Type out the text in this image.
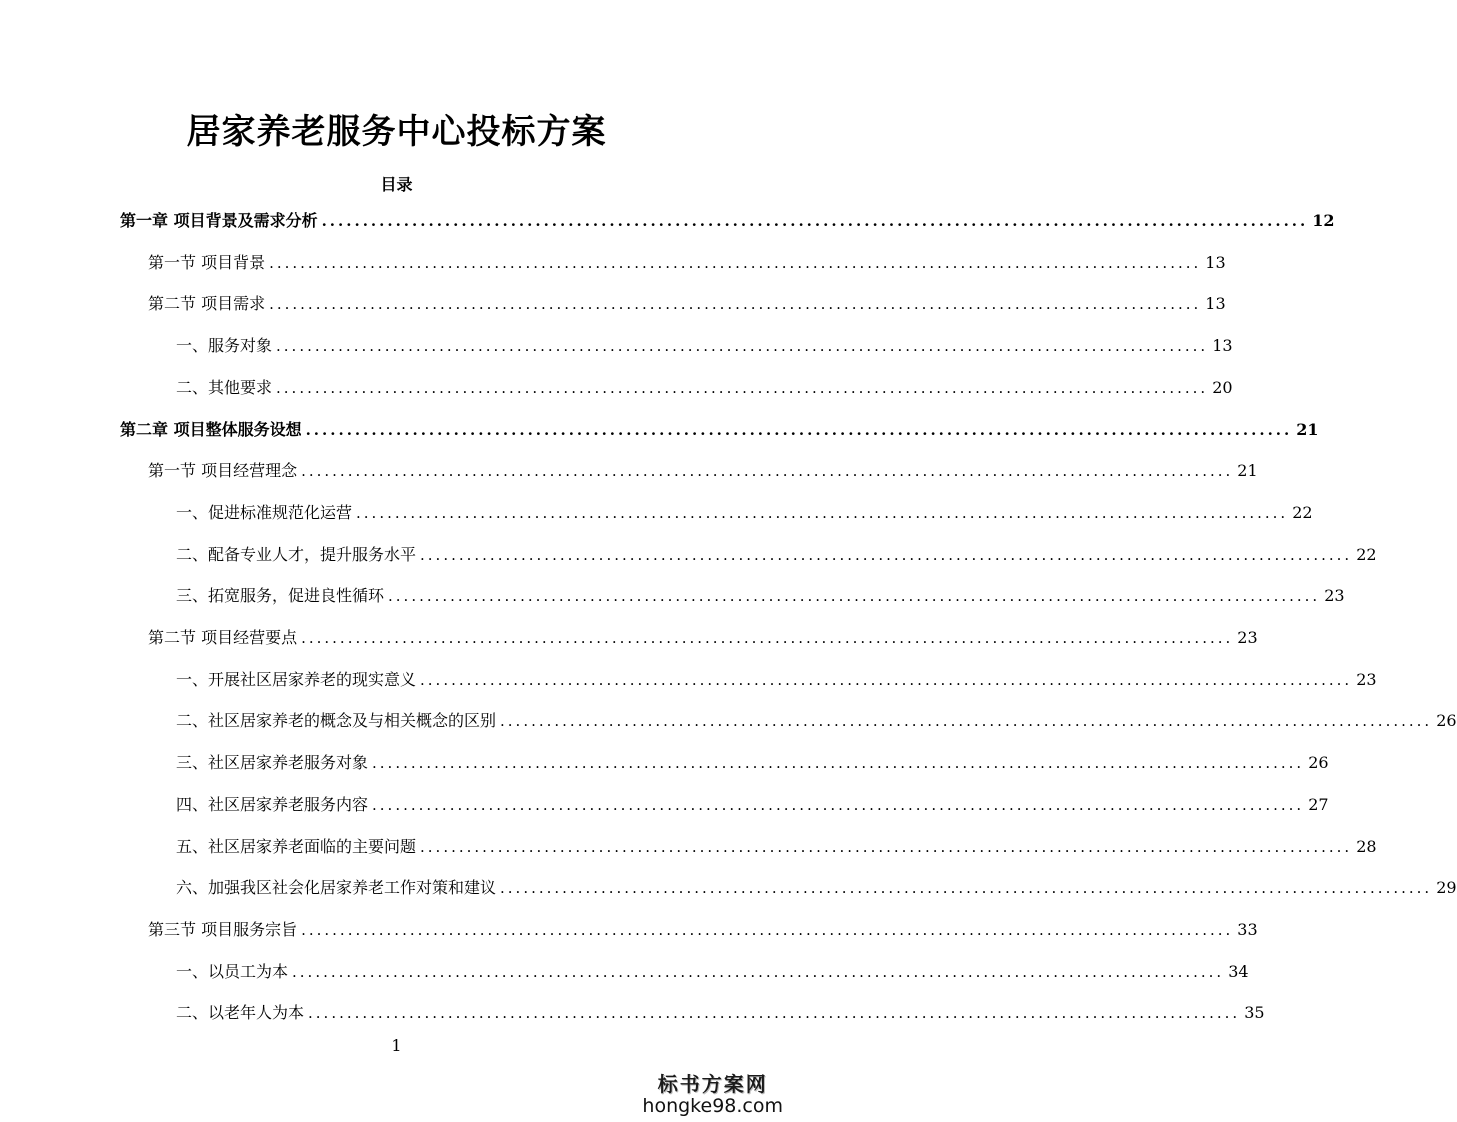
居家养老服务中心投标方案
目录
第一章 项目背景及需求分析 ........................................................................................................................ 12
第一节 项目背景 ........................................................................................................................ 13
第二节 项目需求 ........................................................................................................................ 13
一、服务对象 ........................................................................................................................ 13
二、其他要求 ........................................................................................................................ 20
第二章 项目整体服务设想 ........................................................................................................................ 21
第一节 项目经营理念 ........................................................................................................................ 21
一、促进标准规范化运营 ........................................................................................................................ 22
二、配备专业人才，提升服务水平 ........................................................................................................................ 22
三、拓宽服务，促进良性循环 ........................................................................................................................ 23
第二节 项目经营要点 ........................................................................................................................ 23
一、开展社区居家养老的现实意义 ........................................................................................................................ 23
二、社区居家养老的概念及与相关概念的区别 ........................................................................................................................ 26
三、社区居家养老服务对象 ........................................................................................................................ 26
四、社区居家养老服务内容 ........................................................................................................................ 27
五、社区居家养老面临的主要问题 ........................................................................................................................ 28
六、加强我区社会化居家养老工作对策和建议 ........................................................................................................................ 29
第三节 项目服务宗旨 ........................................................................................................................ 33
一、以员工为本 ........................................................................................................................ 34
二、以老年人为本 ........................................................................................................................ 35
1
标书方案网
hongke98.com
